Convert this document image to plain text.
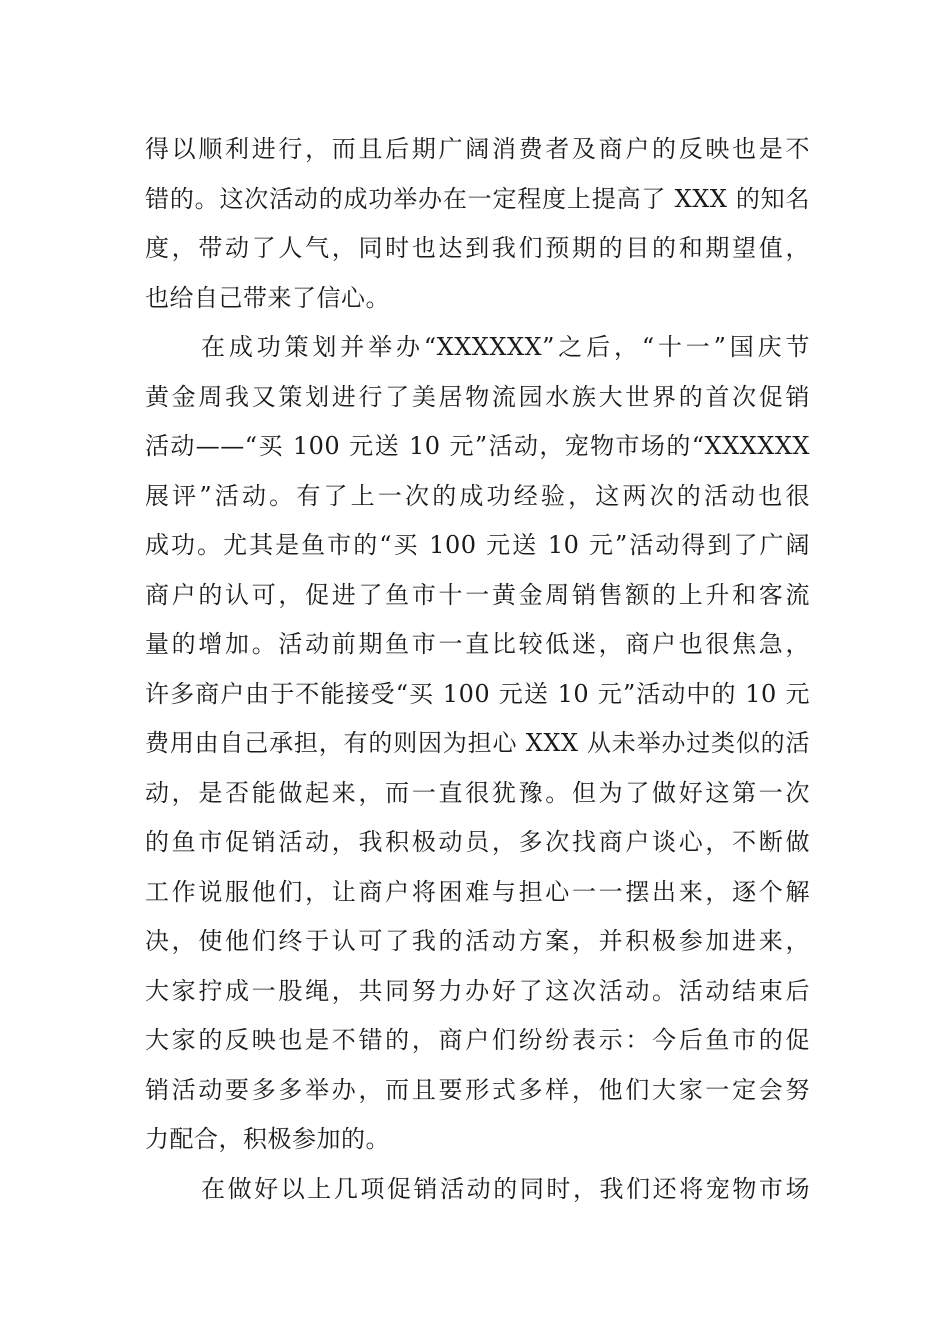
得以顺利进行，而且后期广阔消费者及商户的反映也是不
错的。这次活动的成功举办在一定程度上提高了 XXX 的知名
度，带动了人气，同时也达到我们预期的目的和期望值，
也给自己带来了信心。
在成功策划并举办“XXXXXX”之后，“十一”国庆节
黄金周我又策划进行了美居物流园水族大世界的首次促销
活动——“买 100 元送 10 元”活动，宠物市场的“XXXXXX
展评”活动。有了上一次的成功经验，这两次的活动也很
成功。尤其是鱼市的“买 100 元送 10 元”活动得到了广阔
商户的认可，促进了鱼市十一黄金周销售额的上升和客流
量的增加。活动前期鱼市一直比较低迷，商户也很焦急，
许多商户由于不能接受“买 100 元送 10 元”活动中的 10 元
费用由自己承担，有的则因为担心 XXX 从未举办过类似的活
动，是否能做起来，而一直很犹豫。但为了做好这第一次
的鱼市促销活动，我积极动员，多次找商户谈心，不断做
工作说服他们，让商户将困难与担心一一摆出来，逐个解
决，使他们终于认可了我的活动方案，并积极参加进来，
大家拧成一股绳，共同努力办好了这次活动。活动结束后
大家的反映也是不错的，商户们纷纷表示：今后鱼市的促
销活动要多多举办，而且要形式多样，他们大家一定会努
力配合，积极参加的。
在做好以上几项促销活动的同时，我们还将宠物市场
